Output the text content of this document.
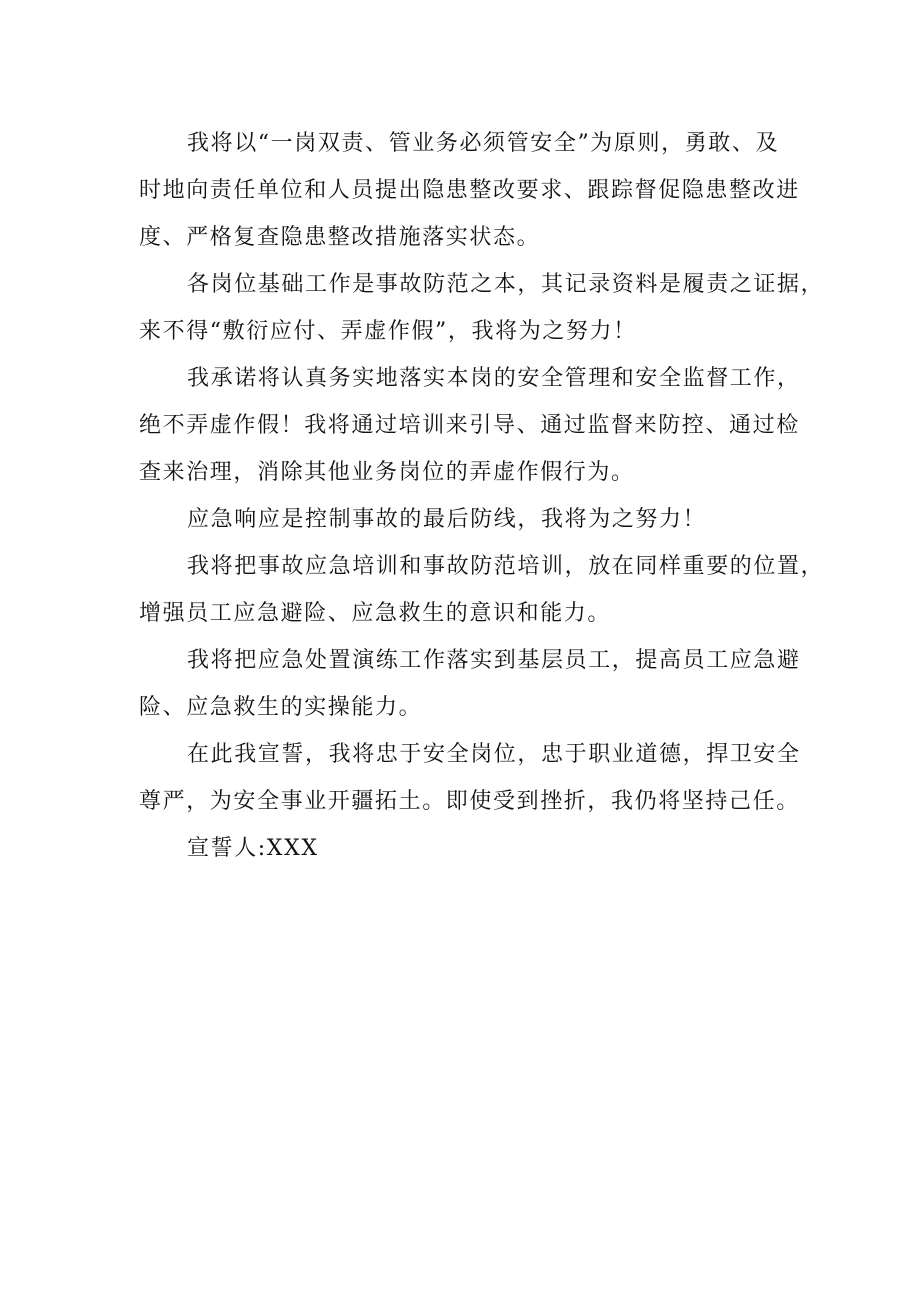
我将以“一岗双责、管业务必须管安全”为原则，勇敢、及
时地向责任单位和人员提出隐患整改要求、跟踪督促隐患整改进
度、严格复查隐患整改措施落实状态。

各岗位基础工作是事故防范之本，其记录资料是履责之证据，
来不得“敷衍应付、弄虚作假”，我将为之努力！

我承诺将认真务实地落实本岗的安全管理和安全监督工作，
绝不弄虚作假！我将通过培训来引导、通过监督来防控、通过检
查来治理，消除其他业务岗位的弄虚作假行为。

应急响应是控制事故的最后防线，我将为之努力！

我将把事故应急培训和事故防范培训，放在同样重要的位置，
增强员工应急避险、应急救生的意识和能力。

我将把应急处置演练工作落实到基层员工，提高员工应急避
险、应急救生的实操能力。

在此我宣誓，我将忠于安全岗位，忠于职业道德，捍卫安全
尊严，为安全事业开疆拓土。即使受到挫折，我仍将坚持己任。

宣誓人:XXX
